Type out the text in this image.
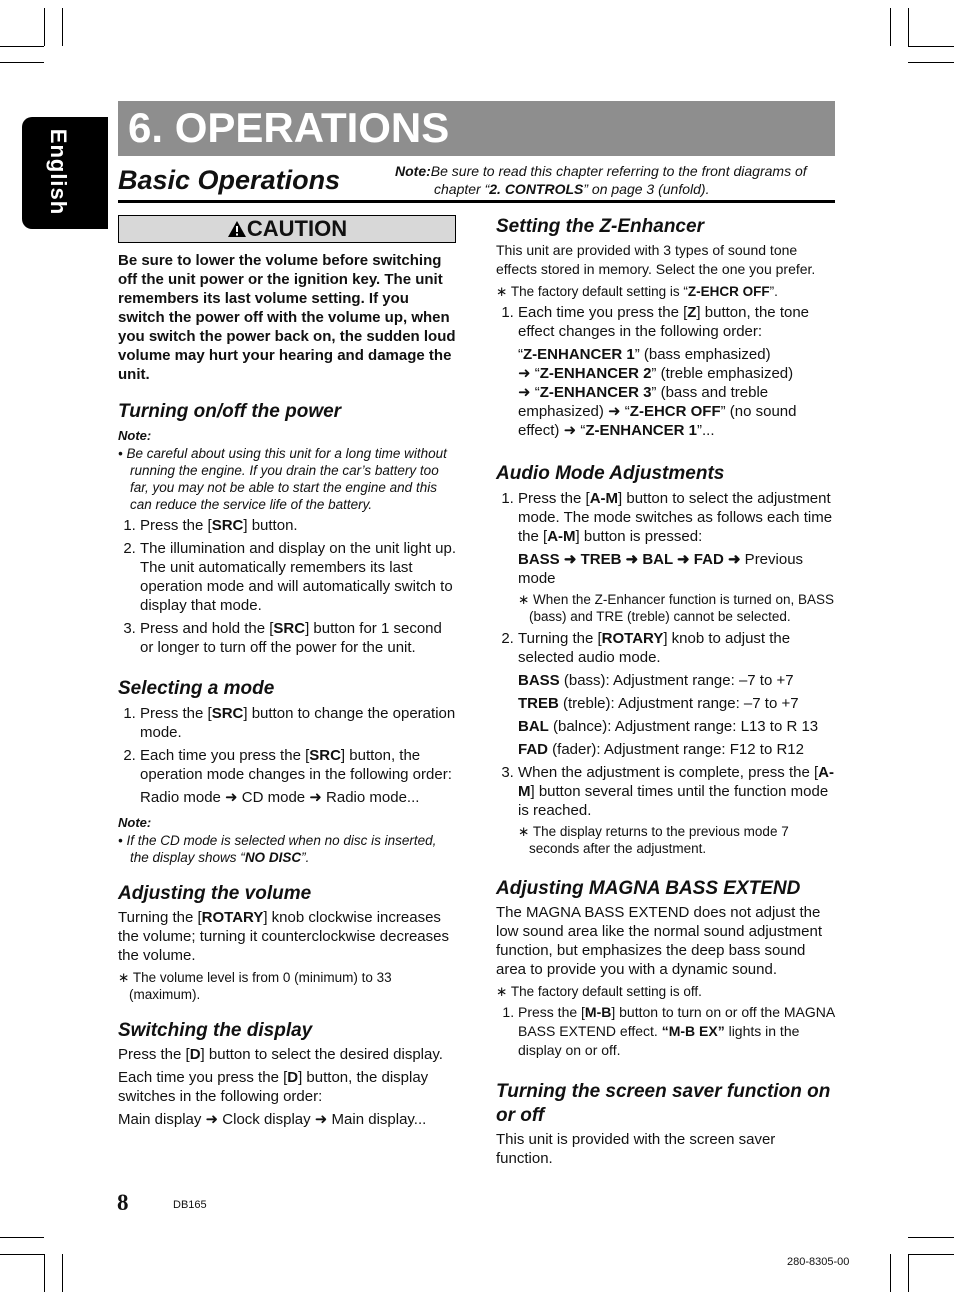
English
6. OPERATIONS
Basic Operations	Note:Be sure to read this chapter referring to the front diagrams of
chapter “2. CONTROLS” on page 3 (unfold).
CAUTION
Be sure to lower the volume before switching off the unit power or the ignition key. The unit remembers its last volume setting. If you switch the power off with the volume up, when you switch the power back on, the sudden loud volume may hurt your hearing and damage the unit.
Turning on/off the power
Note:
• Be careful about using this unit for a long time without running the engine. If you drain the car’s battery too far, you may not be able to start the engine and this can reduce the service life of the battery.
1. Press the [SRC] button.
2. The illumination and display on the unit light up. The unit automatically remembers its last operation mode and will automatically switch to display that mode.
3. Press and hold the [SRC] button for 1 second or longer to turn off the power for the unit.
Selecting a mode
1. Press the [SRC] button to change the operation mode.
2. Each time you press the [SRC] button, the operation mode changes in the following order:
Radio mode ➜ CD mode ➜ Radio mode...
Note:
• If the CD mode is selected when no disc is inserted, the display shows “NO DISC”.
Adjusting the volume
Turning the [ROTARY] knob clockwise increases the volume; turning it counterclockwise decreases the volume.
∗ The volume level is from 0 (minimum) to 33 (maximum).
Switching the display
Press the [D] button to select the desired display.
Each time you press the [D] button, the display switches in the following order:
Main display ➜ Clock display ➜ Main display...
Setting the Z-Enhancer
This unit are provided with 3 types of sound tone effects stored in memory. Select the one you prefer.
∗ The factory default setting is “Z-EHCR OFF”.
1. Each time you press the [Z] button, the tone effect changes in the following order:
“Z-ENHANCER 1” (bass emphasized)
➜ “Z-ENHANCER 2” (treble emphasized)
➜ “Z-ENHANCER 3” (bass and treble emphasized) ➜ “Z-EHCR OFF” (no sound effect) ➜ “Z-ENHANCER 1”...
Audio Mode Adjustments
1. Press the [A-M] button to select the adjustment mode. The mode switches as follows each time the [A-M] button is pressed:
BASS ➜ TREB ➜ BAL ➜ FAD ➜ Previous mode
∗ When the Z-Enhancer function is turned on, BASS (bass) and TRE (treble) cannot be selected.
2. Turning the [ROTARY] knob to adjust the selected audio mode.
BASS (bass): Adjustment range: –7 to +7
TREB (treble): Adjustment range: –7 to +7
BAL (balnce): Adjustment range: L13 to R 13
FAD (fader): Adjustment range: F12 to R12
3. When the adjustment is complete, press the [A-M] button several times until the function mode is reached.
∗ The display returns to the previous mode 7 seconds after the adjustment.
Adjusting MAGNA BASS EXTEND
The MAGNA BASS EXTEND does not adjust the low sound area like the normal sound adjustment function, but emphasizes the deep bass sound area to provide you with a dynamic sound.
∗ The factory default setting is off.
1. Press the [M-B] button to turn on or off the MAGNA BASS EXTEND effect. “M-B EX” lights in the display on or off.
Turning the screen saver function on or off
This unit is provided with the screen saver function.
8	DB165
280-8305-00
